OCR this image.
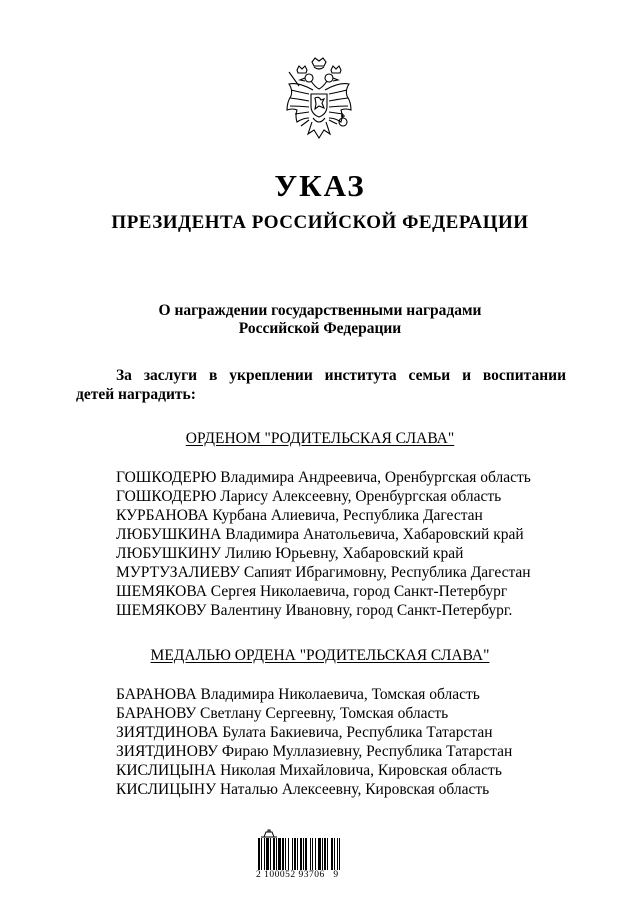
УКАЗ
ПРЕЗИДЕНТА РОССИЙСКОЙ ФЕДЕРАЦИИ
О награждении государственными наградами
Российской Федерации
За заслуги в укреплении института семьи и воспитании
детей наградить:
ОРДЕНОМ "РОДИТЕЛЬСКАЯ СЛАВА"
ГОШКОДЕРЮ Владимира Андреевича, Оренбургская область
ГОШКОДЕРЮ Ларису Алексеевну, Оренбургская область
КУРБАНОВА Курбана Алиевича, Республика Дагестан
ЛЮБУШКИНА Владимира Анатольевича, Хабаровский край
ЛЮБУШКИНУ Лилию Юрьевну, Хабаровский край
МУРТУЗАЛИЕВУ Сапият Ибрагимовну, Республика Дагестан
ШЕМЯКОВА Сергея Николаевича, город Санкт-Петербург
ШЕМЯКОВУ Валентину Ивановну, город Санкт-Петербург.
МЕДАЛЬЮ ОРДЕНА "РОДИТЕЛЬСКАЯ СЛАВА"
БАРАНОВА Владимира Николаевича, Томская область
БАРАНОВУ Светлану Сергеевну, Томская область
ЗИЯТДИНОВА Булата Бакиевича, Республика Татарстан
ЗИЯТДИНОВУ Фираю Муллазиевну, Республика Татарстан
КИСЛИЦЫНА Николая Михайловича, Кировская область
КИСЛИЦЫНУ Наталью Алексеевну, Кировская область
2 100052 93706   9
